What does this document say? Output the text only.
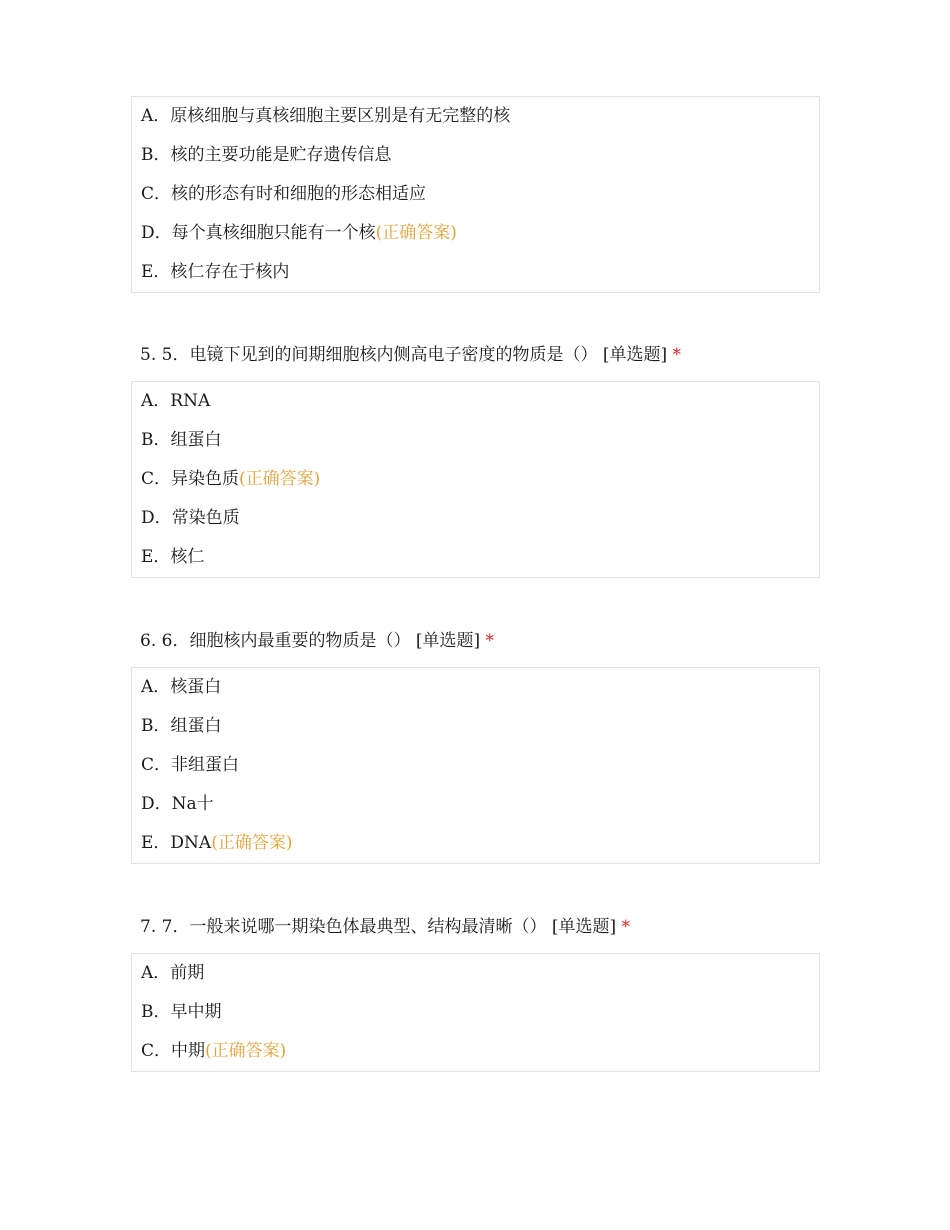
A．原核细胞与真核细胞主要区别是有无完整的核
B．核的主要功能是贮存遗传信息
C．核的形态有时和细胞的形态相适应
D．每个真核细胞只能有一个核(正确答案)
E．核仁存在于核内
5. 5．电镜下见到的间期细胞核内侧高电子密度的物质是（） [单选题] *
A．RNA
B．组蛋白
C．异染色质(正确答案)
D．常染色质
E．核仁
6. 6．细胞核内最重要的物质是（） [单选题] *
A．核蛋白
B．组蛋白
C．非组蛋白
D．Na十
E．DNA(正确答案)
7. 7．一般来说哪一期染色体最典型、结构最清晰（） [单选题] *
A．前期
B．早中期
C．中期(正确答案)
